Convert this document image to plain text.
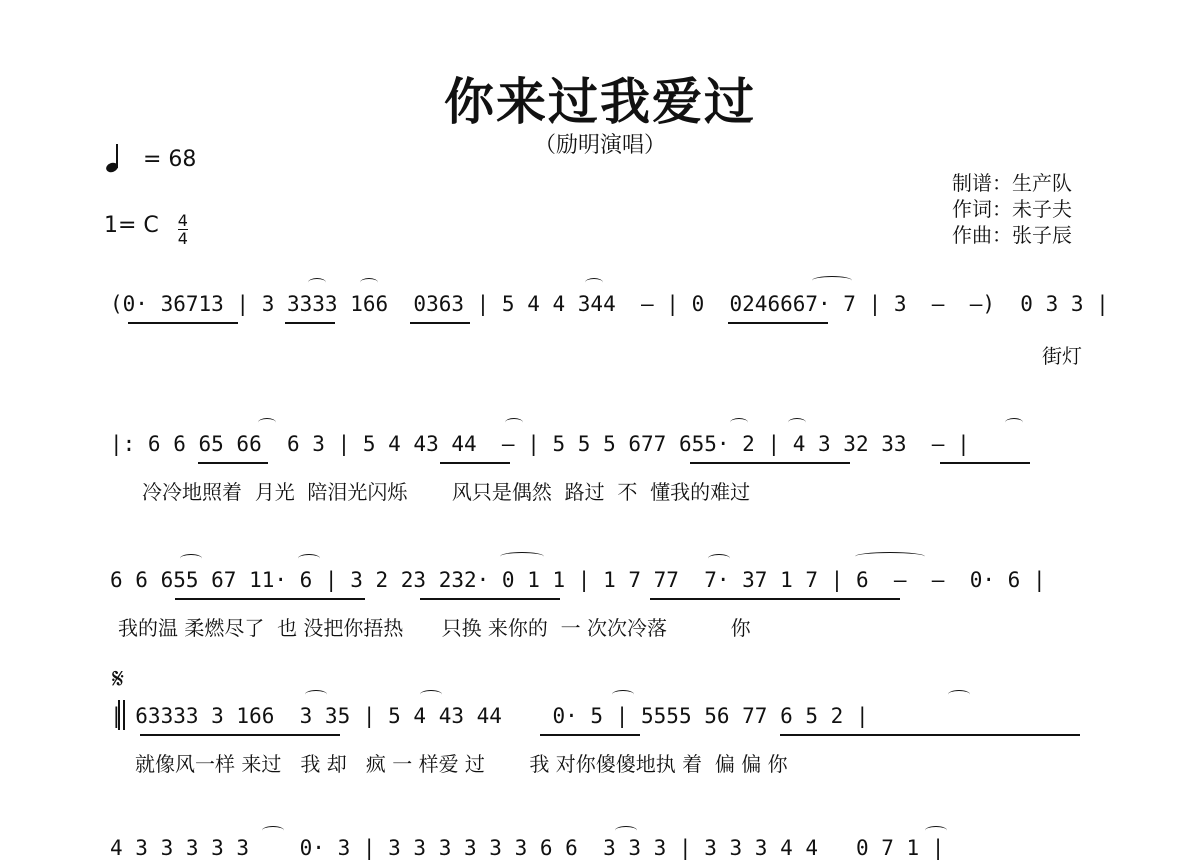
你来过我爱过
（励明演唱）
= 68
1= C $\frac{4}{4}$
制谱：生产队
作词：未子夫
作曲：张子辰
(0· 36713 | 3 3333 166  0363 | 5 4 4 344  — | 0  0246667· 7 | 3  —  —)  0 3 3 |
街灯
|: 6 6 65 66  6 3 | 5 4 43 44  — | 5 5 5 677 655· 2 | 4 3 32 33  — |
冷冷地照着  月光  陪泪光闪烁       风只是偶然  路过  不  懂我的难过
6 6 655 67 11· 6 | 3 2 23 232· 0 1 1 | 1 7 77  7· 37 1 7 | 6  —  —  0· 6 |
我的温 柔燃尽了  也 没把你捂热      只换 来你的  一 次次冷落          你
𝄋
| 63333 3 166  3 35 | 5 4 43 44    0· 5 | 5555 56 77 6 5 2 |
就像风一样 来过   我 却   疯 一 样爱 过       我 对你傻傻地执 着  偏 偏 你
4 3 3 3 3 3    0· 3 | 3 3 3 3 3 3 6 6  3 3 3 | 3 3 3 4 4   0 7 1 |
